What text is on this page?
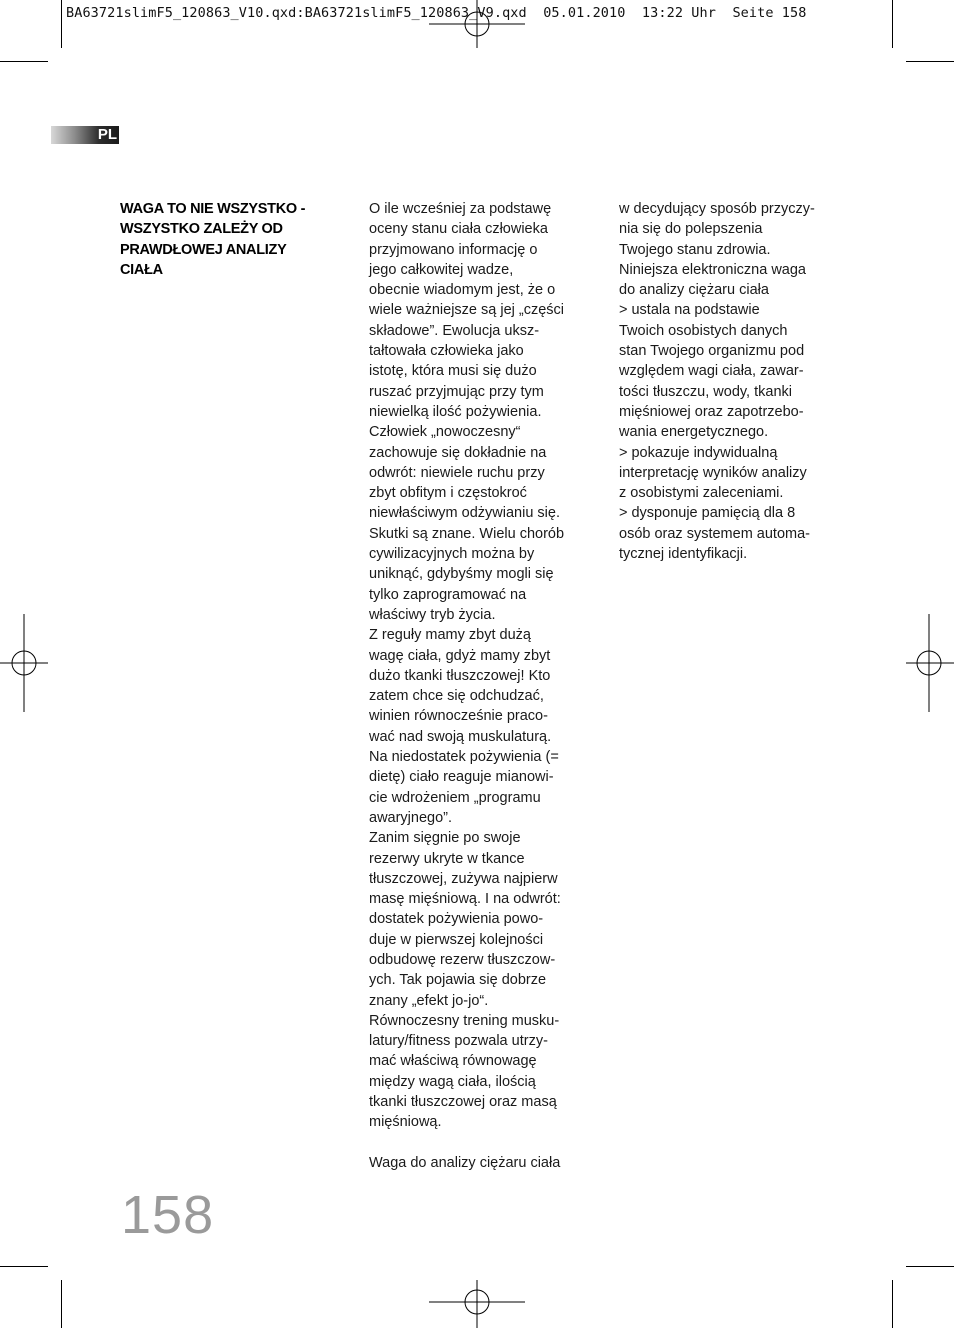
BA63721slimF5_120863_V10.qxd:BA63721slimF5_120863_V9.qxd  05.01.2010  13:22 Uhr  Seite 158
PL
WAGA TO NIE WSZYSTKO -
WSZYSTKO ZALEŻY OD
PRAWDŁOWEJ ANALIZY
CIAŁA
O ile wcześniej za podstawę
oceny stanu ciała człowieka
przyjmowano informację o
jego całkowitej wadze,
obecnie wiadomym jest, że o
wiele ważniejsze są jej „części
składowe”. Ewolucja uksz-
tałtowała człowieka jako
istotę, która musi się dużo
ruszać przyjmując przy tym
niewielką ilość pożywienia.
Człowiek „nowoczesny“
zachowuje się dokładnie na
odwrót: niewiele ruchu przy
zbyt obfitym i częstokroć
niewłaściwym odżywianiu się.
Skutki są znane. Wielu chorób
cywilizacyjnych można by
uniknąć, gdybyśmy mogli się
tylko zaprogramować na
właściwy tryb życia.
Z reguły mamy zbyt dużą
wagę ciała, gdyż mamy zbyt
dużo tkanki tłuszczowej! Kto
zatem chce się odchudzać,
winien równocześnie praco-
wać nad swoją muskulaturą.
Na niedostatek pożywienia (=
dietę) ciało reaguje mianowi-
cie wdrożeniem „programu
awaryjnego”.
Zanim sięgnie po swoje
rezerwy ukryte w tkance
tłuszczowej, zużywa najpierw
masę mięśniową. I na odwrót:
dostatek pożywienia powo-
duje w pierwszej kolejności
odbudowę rezerw tłuszczow-
ych. Tak pojawia się dobrze
znany „efekt jo-jo“.
Równoczesny trening musku-
latury/fitness pozwala utrzy-
mać właściwą równowagę
między wagą ciała, ilością
tkanki tłuszczowej oraz masą
mięśniową.
Waga do analizy ciężaru ciała
w decydujący sposób przyczy-
nia się do polepszenia
Twojego stanu zdrowia.
Niniejsza elektroniczna waga
do analizy ciężaru ciała
> ustala na podstawie
Twoich osobistych danych
stan Twojego organizmu pod
względem wagi ciała, zawar-
tości tłuszczu, wody, tkanki
mięśniowej oraz zapotrzebo-
wania energetycznego.
> pokazuje indywidualną
interpretację wyników analizy
z osobistymi zaleceniami.
> dysponuje pamięcią dla 8
osób oraz systemem automa-
tycznej identyfikacji.
158
